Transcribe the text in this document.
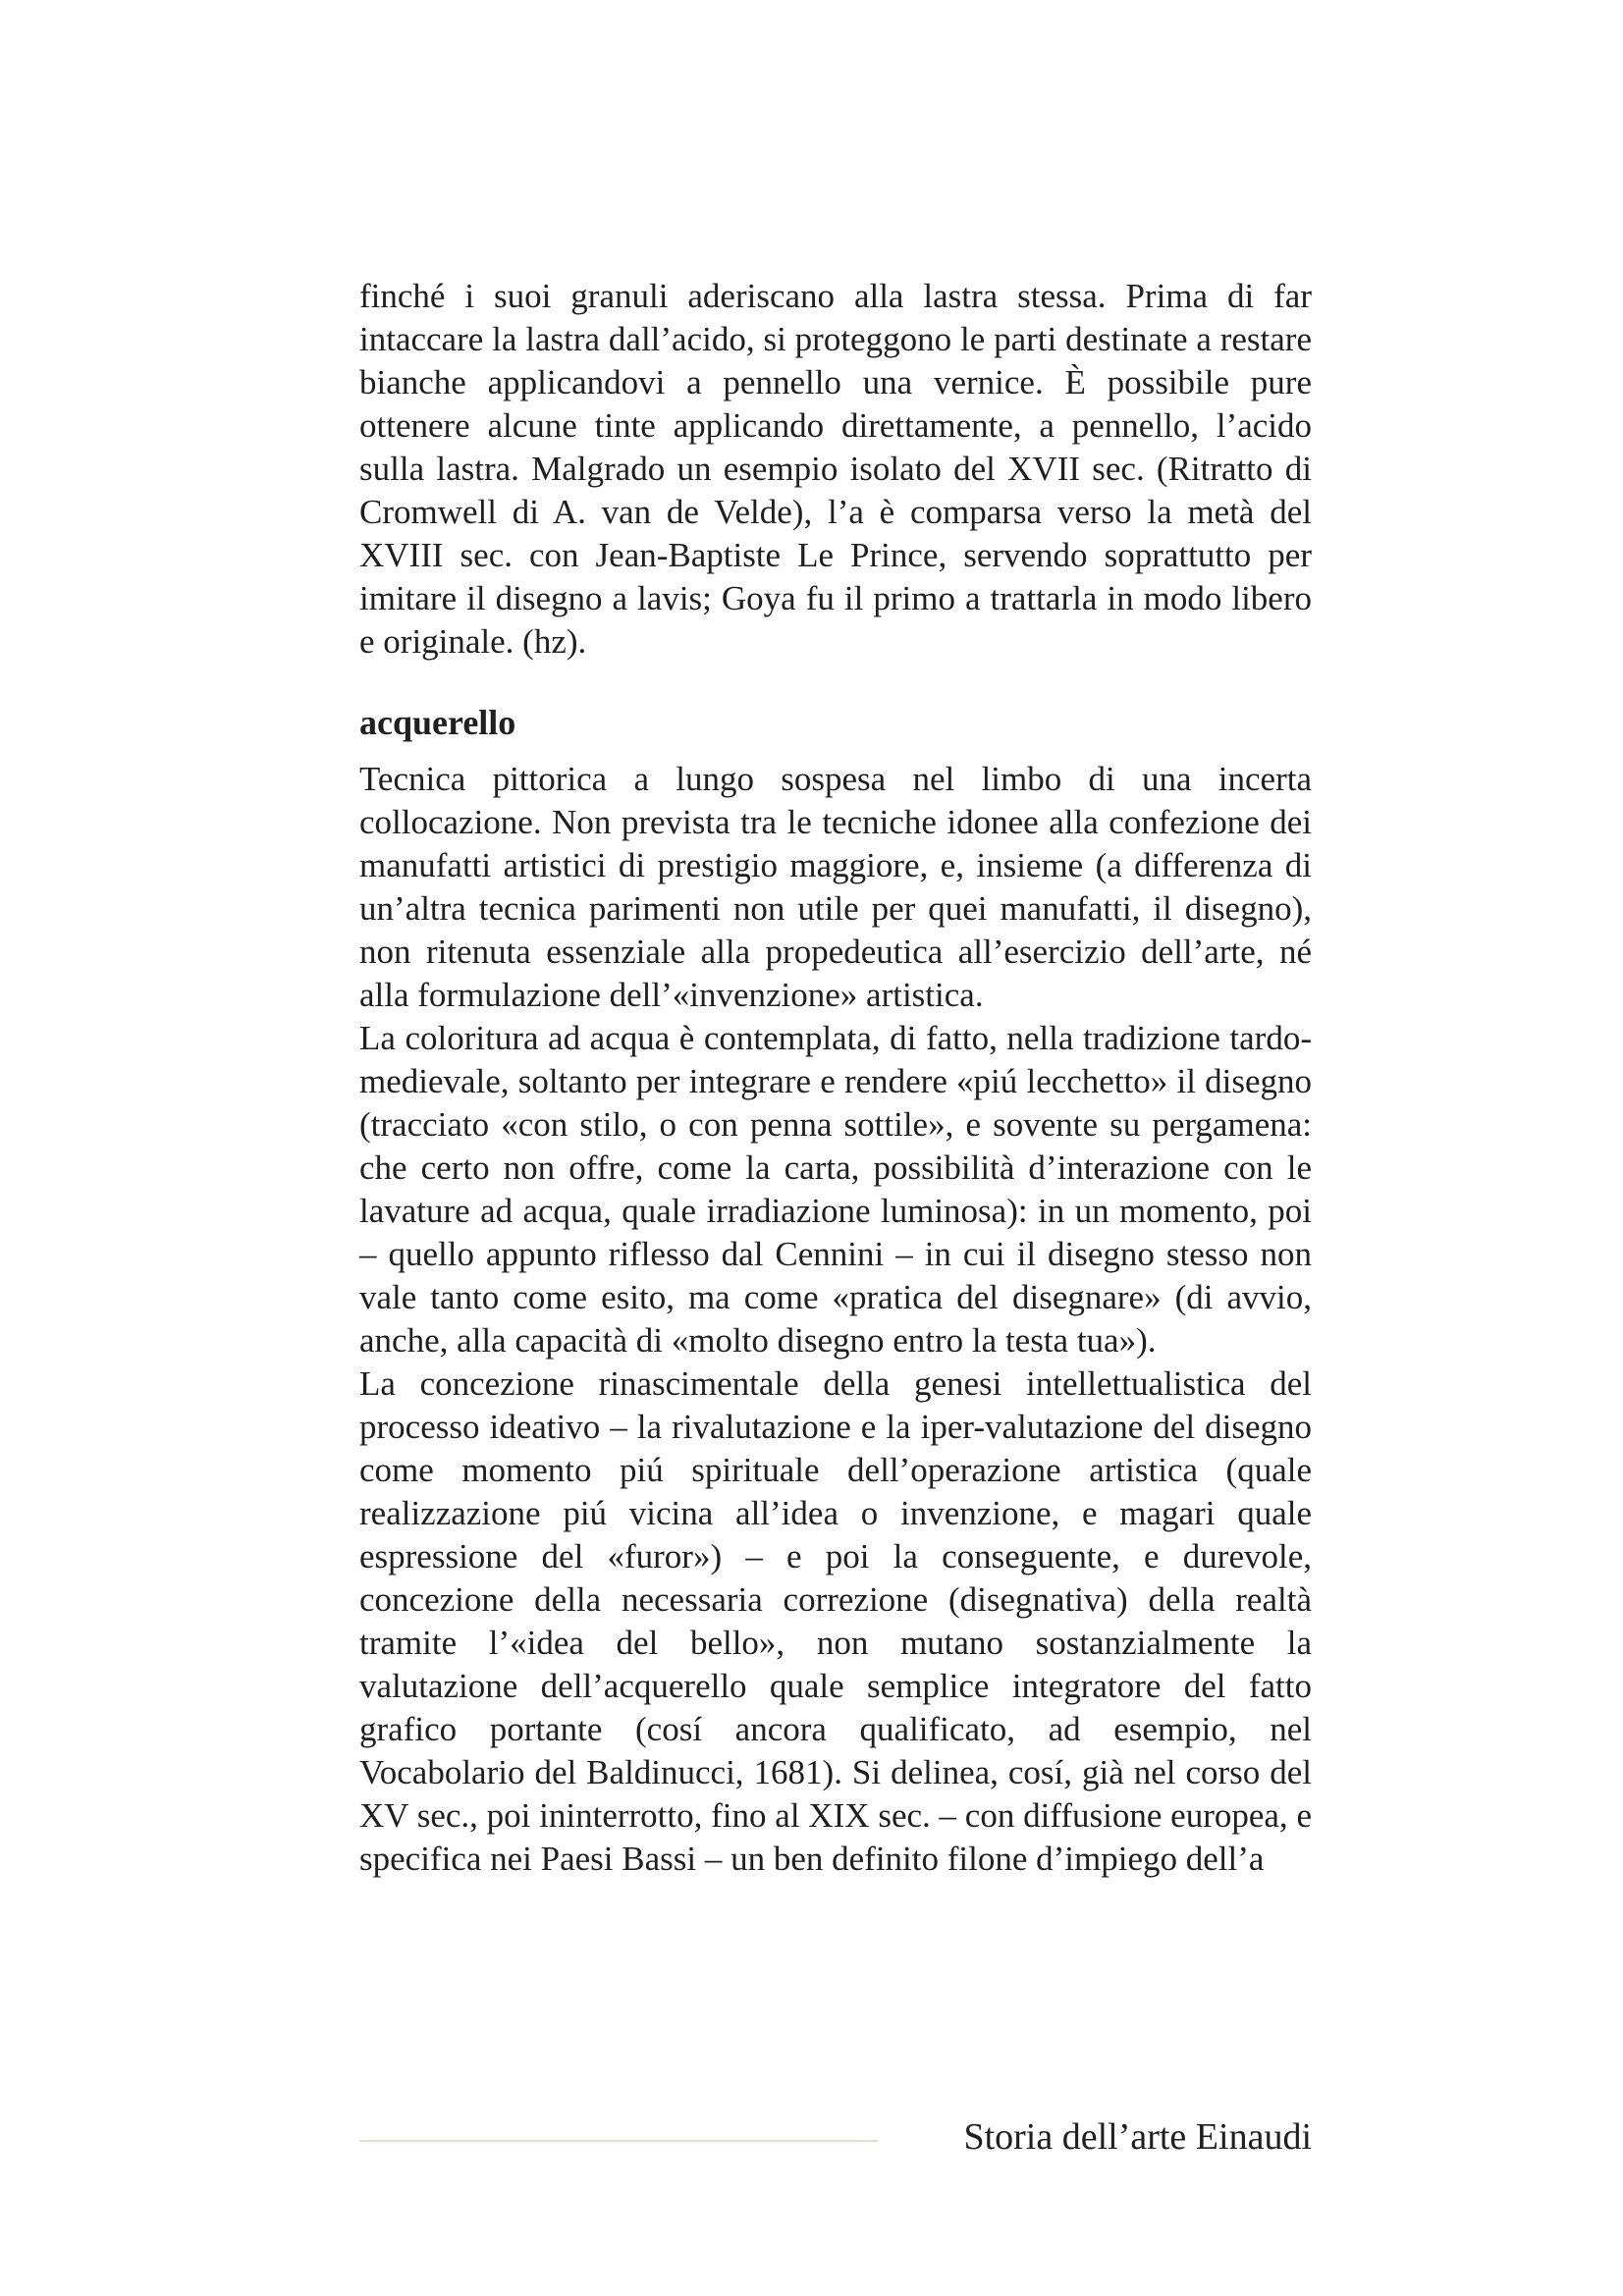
finché i suoi granuli aderiscano alla lastra stessa. Prima di far intaccare la lastra dall’acido, si proteggono le parti destinate a restare bianche applicandovi a pennello una vernice. È possibile pure ottenere alcune tinte applicando direttamente, a pennello, l’acido sulla lastra. Malgrado un esempio isolato del XVII sec. (Ritratto di Cromwell di A. van de Velde), l’a è comparsa verso la metà del XVIII sec. con Jean-Baptiste Le Prince, servendo soprattutto per imitare il disegno a lavis; Goya fu il primo a trattarla in modo libero e originale. (hz).

acquerello

Tecnica pittorica a lungo sospesa nel limbo di una incerta collocazione. Non prevista tra le tecniche idonee alla confezione dei manufatti artistici di prestigio maggiore, e, insieme (a differenza di un’altra tecnica parimenti non utile per quei manufatti, il disegno), non ritenuta essenziale alla propedeutica all’esercizio dell’arte, né alla formulazione dell’«invenzione» artistica.

La coloritura ad acqua è contemplata, di fatto, nella tradizione tardo-medievale, soltanto per integrare e rendere «piú lecchetto» il disegno (tracciato «con stilo, o con penna sottile», e sovente su pergamena: che certo non offre, come la carta, possibilità d’interazione con le lavature ad acqua, quale irradiazione luminosa): in un momento, poi – quello appunto riflesso dal Cennini – in cui il disegno stesso non vale tanto come esito, ma come «pratica del disegnare» (di avvio, anche, alla capacità di «molto disegno entro la testa tua»).

La concezione rinascimentale della genesi intellettualistica del processo ideativo – la rivalutazione e la iper-valutazione del disegno come momento piú spirituale dell’operazione artistica (quale realizzazione piú vicina all’idea o invenzione, e magari quale espressione del «furor») – e poi la conseguente, e durevole, concezione della necessaria correzione (disegnativa) della realtà tramite l’«idea del bello», non mutano sostanzialmente la valutazione dell’acquerello quale semplice integratore del fatto grafico portante (cosí ancora qualificato, ad esempio, nel Vocabolario del Baldinucci, 1681). Si delinea, cosí, già nel corso del XV sec., poi ininterrotto, fino al XIX sec. – con diffusione europea, e specifica nei Paesi Bassi – un ben definito filone d’impiego dell’a

Storia dell’arte Einaudi
